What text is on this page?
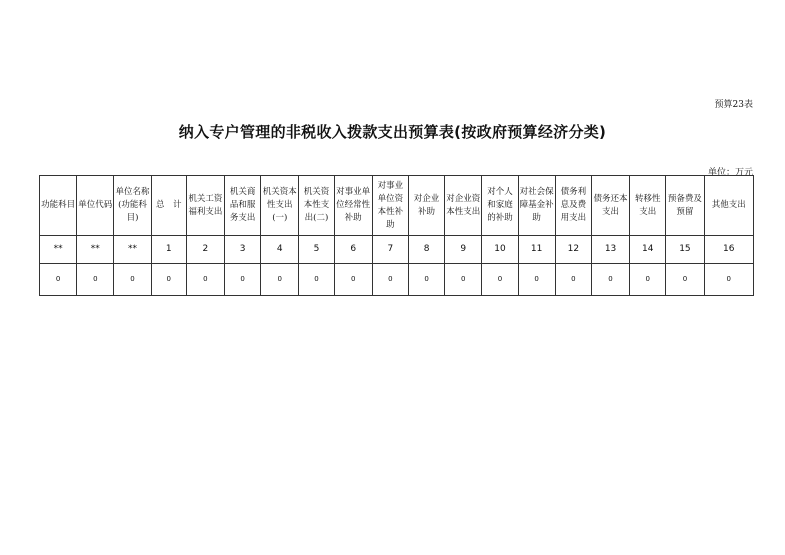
预算23表
纳入专户管理的非税收入拨款支出预算表(按政府预算经济分类)
单位：万元
功能科目	单位代码	单位名称(功能科目)	总　计	机关工资福利支出	机关商品和服务支出	机关资本性支出(一)	机关资本性支出(二)	对事业单位经常性补助	对事业单位资本性补助	对企业补助	对企业资本性支出	对个人和家庭的补助	对社会保障基金补助	债务利息及费用支出	债务还本支出	转移性支出	预备费及预留	其他支出
**	**	**	1	2	3	4	5	6	7	8	9	10	11	12	13	14	15	16
0	0	0	0	0	0	0	0	0	0	0	0	0	0	0	0	0	0	0
